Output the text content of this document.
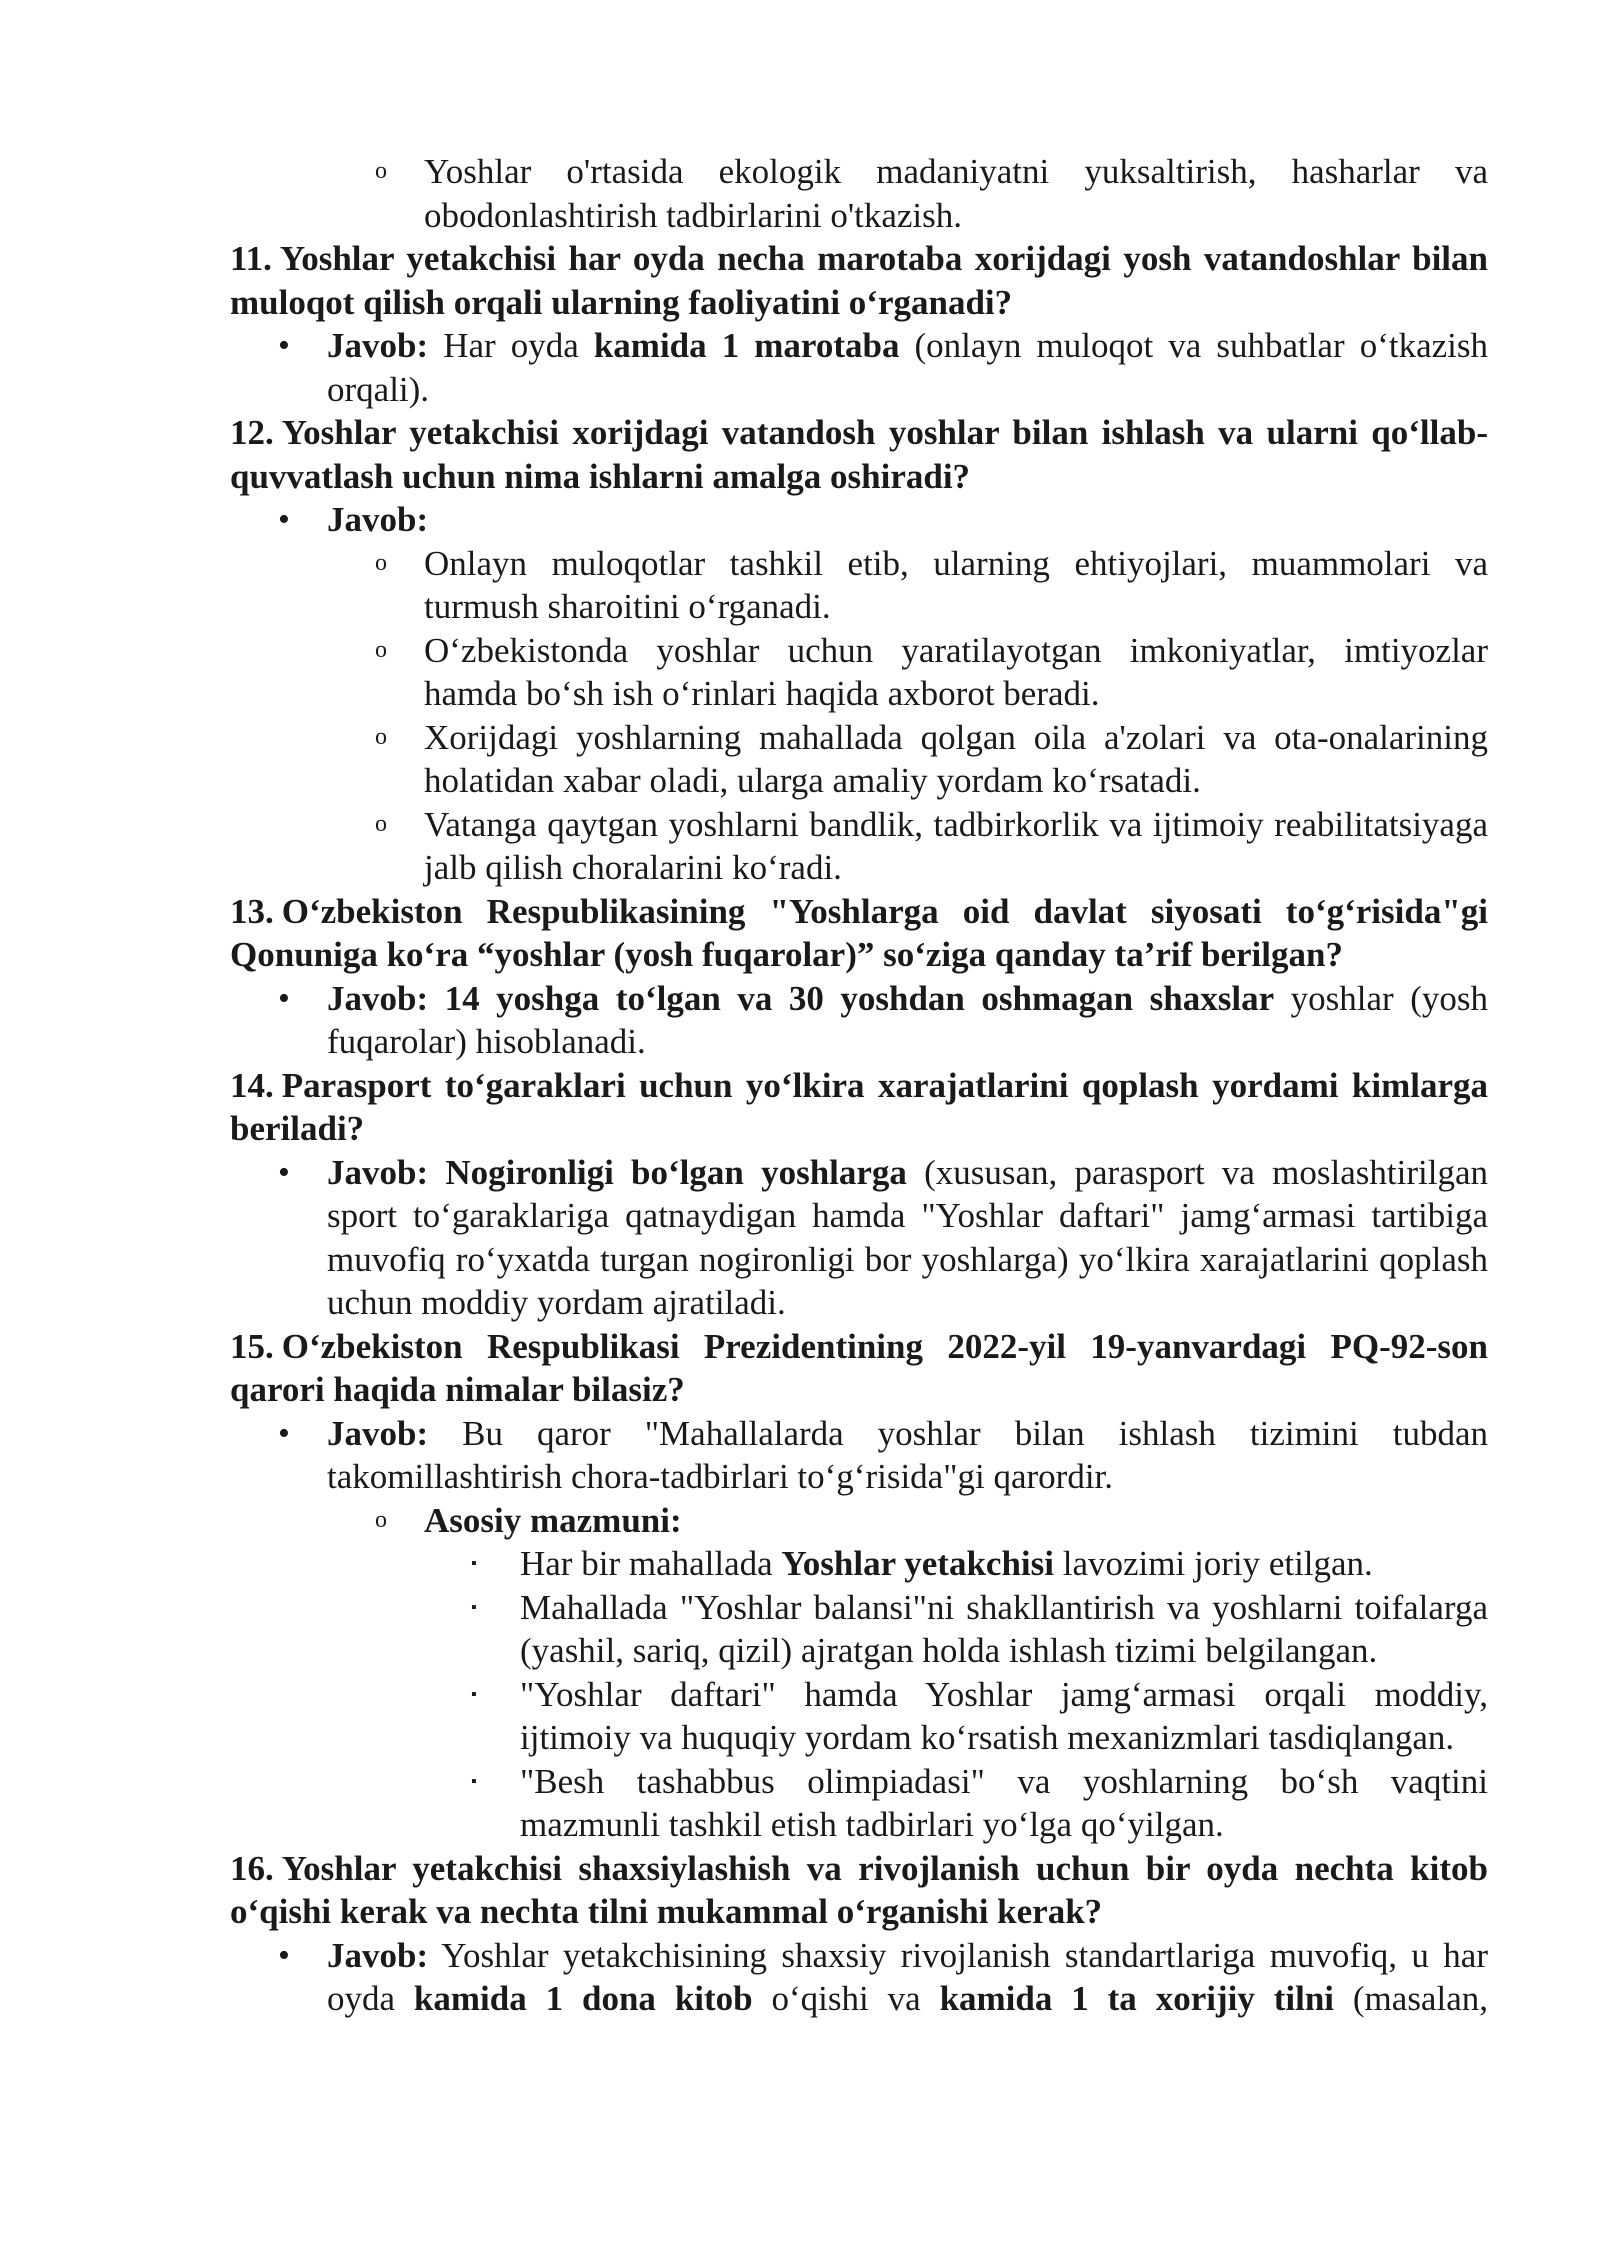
o Yoshlar o'rtasida ekologik madaniyatni yuksaltirish, hasharlar va obodonlashtirish tadbirlarini o'tkazish.

11. Yoshlar yetakchisi har oyda necha marotaba xorijdagi yosh vatandoshlar bilan muloqot qilish orqali ularning faoliyatini o‘rganadi?

• Javob: Har oyda kamida 1 marotaba (onlayn muloqot va suhbatlar o‘tkazish orqali).

12. Yoshlar yetakchisi xorijdagi vatandosh yoshlar bilan ishlash va ularni qo‘llab-quvvatlash uchun nima ishlarni amalga oshiradi?

• Javob:

o Onlayn muloqotlar tashkil etib, ularning ehtiyojlari, muammolari va turmush sharoitini o‘rganadi.

o O‘zbekistonda yoshlar uchun yaratilayotgan imkoniyatlar, imtiyozlar hamda bo‘sh ish o‘rinlari haqida axborot beradi.

o Xorijdagi yoshlarning mahallada qolgan oila a'zolari va ota-onalarining holatidan xabar oladi, ularga amaliy yordam ko‘rsatadi.

o Vatanga qaytgan yoshlarni bandlik, tadbirkorlik va ijtimoiy reabilitatsiyaga jalb qilish choralarini ko‘radi.

13. O‘zbekiston Respublikasining "Yoshlarga oid davlat siyosati to‘g‘risida"gi Qonuniga ko‘ra “yoshlar (yosh fuqarolar)” so‘ziga qanday ta’rif berilgan?

• Javob: 14 yoshga to‘lgan va 30 yoshdan oshmagan shaxslar yoshlar (yosh fuqarolar) hisoblanadi.

14. Parasport to‘garaklari uchun yo‘lkira xarajatlarini qoplash yordami kimlarga beriladi?

• Javob: Nogironligi bo‘lgan yoshlarga (xususan, parasport va moslashtirilgan sport to‘garaklariga qatnaydigan hamda "Yoshlar daftari" jamg‘armasi tartibiga muvofiq ro‘yxatda turgan nogironligi bor yoshlarga) yo‘lkira xarajatlarini qoplash uchun moddiy yordam ajratiladi.

15. O‘zbekiston Respublikasi Prezidentining 2022-yil 19-yanvardagi PQ-92-son qarori haqida nimalar bilasiz?

• Javob: Bu qaror "Mahallalarda yoshlar bilan ishlash tizimini tubdan takomillashtirish chora-tadbirlari to‘g‘risida"gi qarordir.

o Asosiy mazmuni:

▪ Har bir mahallada Yoshlar yetakchisi lavozimi joriy etilgan.

▪ Mahallada "Yoshlar balansi"ni shakllantirish va yoshlarni toifalarga (yashil, sariq, qizil) ajratgan holda ishlash tizimi belgilangan.

▪ "Yoshlar daftari" hamda Yoshlar jamg‘armasi orqali moddiy, ijtimoiy va huquqiy yordam ko‘rsatish mexanizmlari tasdiqlangan.

▪ "Besh tashabbus olimpiadasi" va yoshlarning bo‘sh vaqtini mazmunli tashkil etish tadbirlari yo‘lga qo‘yilgan.

16. Yoshlar yetakchisi shaxsiylashish va rivojlanish uchun bir oyda nechta kitob o‘qishi kerak va nechta tilni mukammal o‘rganishi kerak?

• Javob: Yoshlar yetakchisining shaxsiy rivojlanish standartlariga muvofiq, u har oyda kamida 1 dona kitob o‘qishi va kamida 1 ta xorijiy tilni (masalan,
